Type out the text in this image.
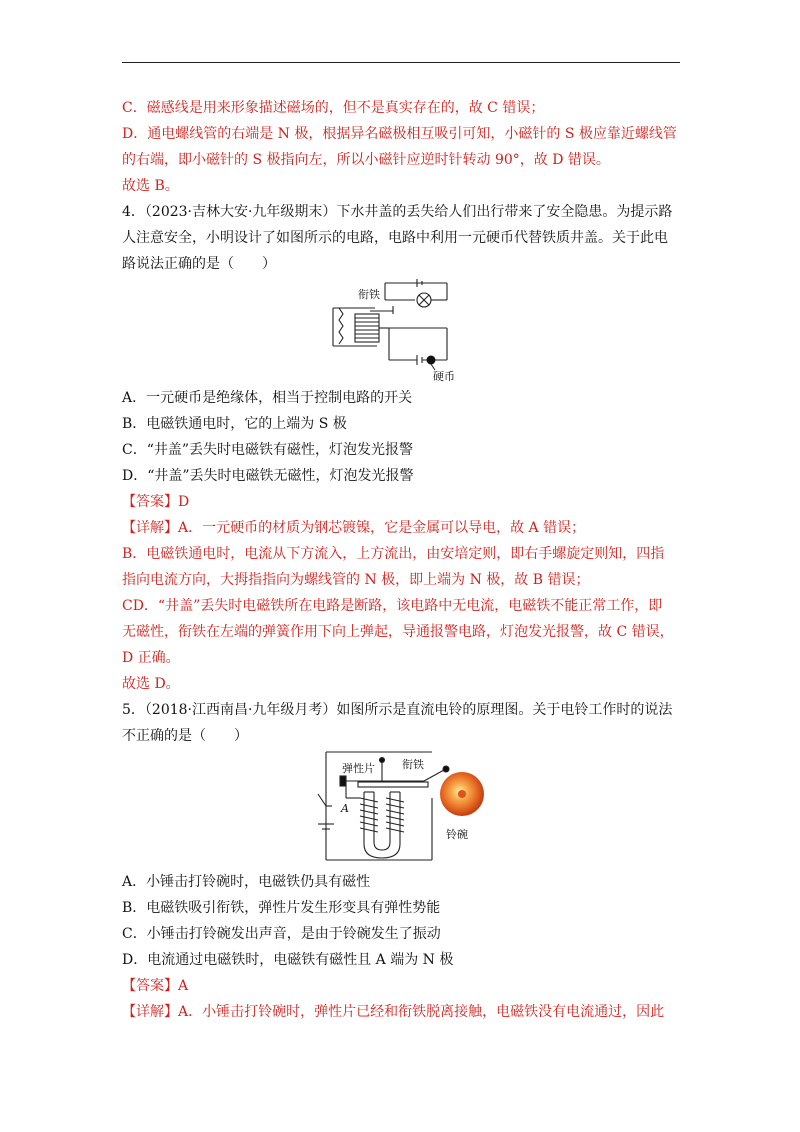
C．磁感线是用来形象描述磁场的，但不是真实存在的，故 C 错误；
D．通电螺线管的右端是 N 极，根据异名磁极相互吸引可知，小磁针的 S 极应靠近螺线管
的右端，即小磁针的 S 极指向左，所以小磁针应逆时针转动 90°，故 D 错误。
故选 B。
4．（2023·吉林大安·九年级期末）下水井盖的丢失给人们出行带来了安全隐患。为提示路
人注意安全，小明设计了如图所示的电路，电路中利用一元硬币代替铁质井盖。关于此电
路说法正确的是（　　）
衔铁
硬币
A．一元硬币是绝缘体，相当于控制电路的开关
B．电磁铁通电时，它的上端为 S 极
C．“井盖”丢失时电磁铁有磁性，灯泡发光报警
D．“井盖”丢失时电磁铁无磁性，灯泡发光报警
【答案】D
【详解】A．一元硬币的材质为钢芯镀镍，它是金属可以导电，故 A 错误；
B．电磁铁通电时，电流从下方流入，上方流出，由安培定则，即右手螺旋定则知，四指
指向电流方向，大拇指指向为螺线管的 N 极，即上端为 N 极，故 B 错误；
CD．“井盖”丢失时电磁铁所在电路是断路，该电路中无电流，电磁铁不能正常工作，即
无磁性，衔铁在左端的弹簧作用下向上弹起，导通报警电路，灯泡发光报警，故 C 错误，
D 正确。
故选 D。
5．（2018·江西南昌·九年级月考）如图所示是直流电铃的原理图。关于电铃工作时的说法
不正确的是（　　）
弹性片 衔铁
A
铃碗
A．小锤击打铃碗时，电磁铁仍具有磁性
B．电磁铁吸引衔铁，弹性片发生形变具有弹性势能
C．小锤击打铃碗发出声音，是由于铃碗发生了振动
D．电流通过电磁铁时，电磁铁有磁性且 A 端为 N 极
【答案】A
【详解】A．小锤击打铃碗时，弹性片已经和衔铁脱离接触，电磁铁没有电流通过，因此
